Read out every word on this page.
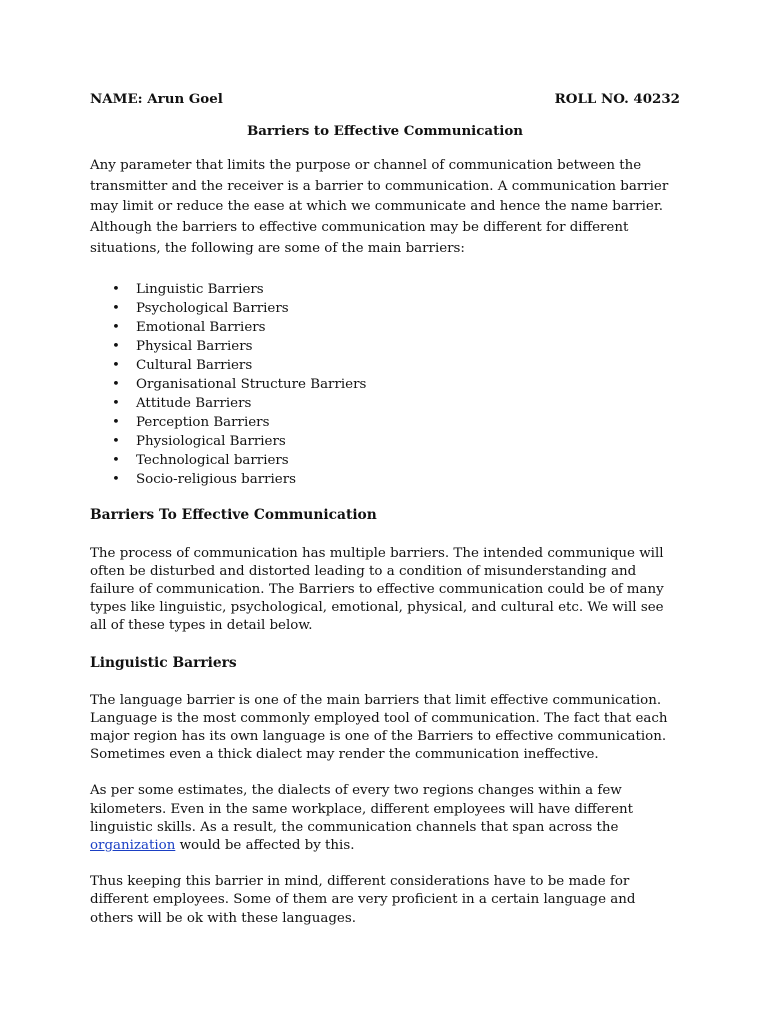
NAME: Arun Goel	ROLL NO. 40232
Barriers to Effective Communication

Any parameter that limits the purpose or channel of communication between the transmitter and the receiver is a barrier to communication. A communication barrier may limit or reduce the ease at which we communicate and hence the name barrier. Although the barriers to effective communication may be different for different situations, the following are some of the main barriers:

• Linguistic Barriers
• Psychological Barriers
• Emotional Barriers
• Physical Barriers
• Cultural Barriers
• Organisational Structure Barriers
• Attitude Barriers
• Perception Barriers
• Physiological Barriers
• Technological barriers
• Socio-religious barriers
Barriers To Effective Communication

The process of communication has multiple barriers. The intended communique will often be disturbed and distorted leading to a condition of misunderstanding and failure of communication. The Barriers to effective communication could be of many types like linguistic, psychological, emotional, physical, and cultural etc. We will see all of these types in detail below.

Linguistic Barriers

The language barrier is one of the main barriers that limit effective communication. Language is the most commonly employed tool of communication. The fact that each major region has its own language is one of the Barriers to effective communication. Sometimes even a thick dialect may render the communication ineffective.

As per some estimates, the dialects of every two regions changes within a few kilometers. Even in the same workplace, different employees will have different linguistic skills. As a result, the communication channels that span across the organization would be affected by this.

Thus keeping this barrier in mind, different considerations have to be made for different employees. Some of them are very proficient in a certain language and others will be ok with these languages.
